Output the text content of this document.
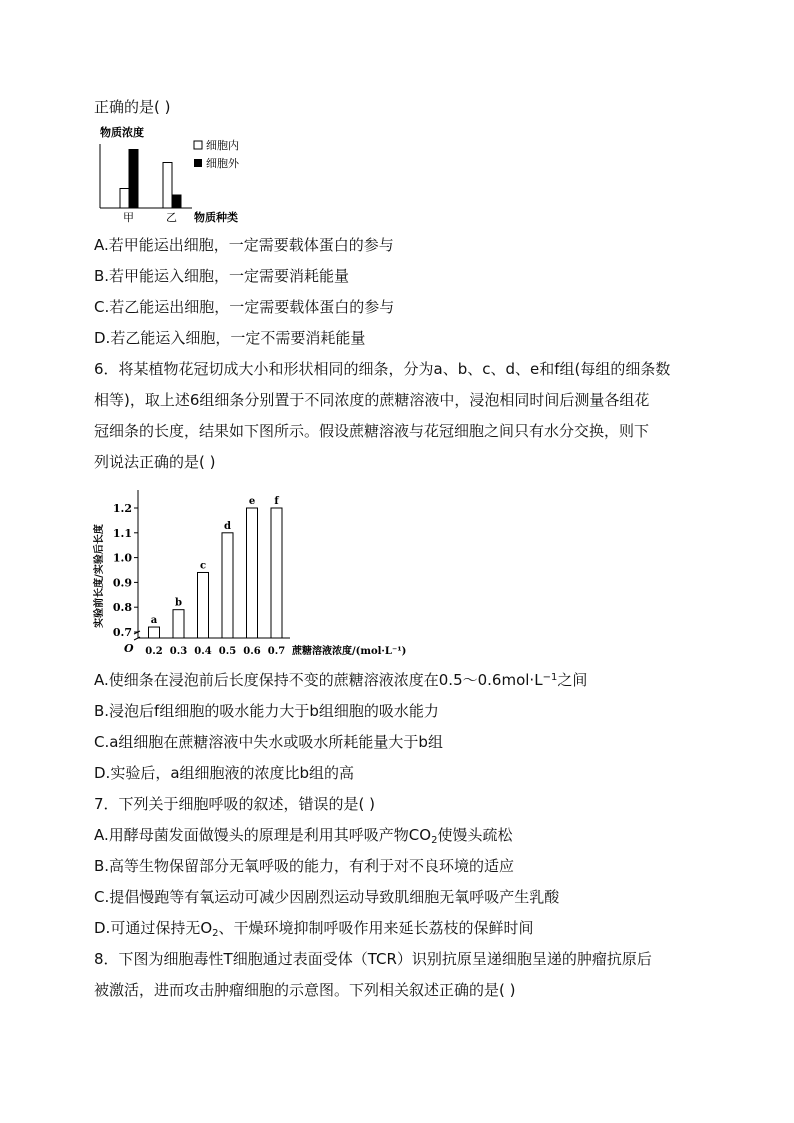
正确的是( )
物质浓度
细胞内
细胞外
甲	乙 物质种类
A.若甲能运出细胞，一定需要载体蛋白的参与
B.若甲能运入细胞，一定需要消耗能量
C.若乙能运出细胞，一定需要载体蛋白的参与
D.若乙能运入细胞，一定不需要消耗能量
6．将某植物花冠切成大小和形状相同的细条，分为a、b、c、d、e和f组(每组的细条数
相等)，取上述6组细条分别置于不同浓度的蔗糖溶液中，浸泡相同时间后测量各组花
冠细条的长度，结果如下图所示。假设蔗糖溶液与花冠细胞之间只有水分交换，则下
列说法正确的是( )
实验前长度/实验后长度
O
0.7
0.8
0.9
1.0
1.1
1.2
a
b
c
d
e f
0.2 0.3 0.4 0.5 0.6 0.7 蔗糖溶液浓度/(mol·L⁻¹)
A.使细条在浸泡前后长度保持不变的蔗糖溶液浓度在$0.5\sim 0.6mol\cdot L^{-1}$之间
B.浸泡后f组细胞的吸水能力大于b组细胞的吸水能力
C.a组细胞在蔗糖溶液中失水或吸水所耗能量大于b组
D.实验后，a组细胞液的浓度比b组的高
7．下列关于细胞呼吸的叙述，错误的是( )
A.用酵母菌发面做馒头的原理是利用其呼吸产物$CO_2$使馒头疏松
B.高等生物保留部分无氧呼吸的能力，有利于对不良环境的适应
C.提倡慢跑等有氧运动可减少因剧烈运动导致肌细胞无氧呼吸产生乳酸
D.可通过保持无$O_2$、干燥环境抑制呼吸作用来延长荔枝的保鲜时间
8．下图为细胞毒性T细胞通过表面受体（TCR）识别抗原呈递细胞呈递的肿瘤抗原后
被激活，进而攻击肿瘤细胞的示意图。下列相关叙述正确的是( )
